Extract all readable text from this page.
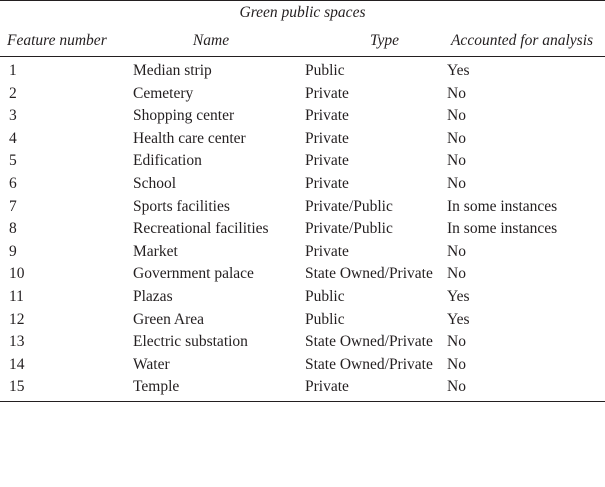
Green public spaces
Feature number	Name	Type	Accounted for analysis
1	Median strip	Public	Yes
2	Cemetery	Private	No
3	Shopping center	Private	No
4	Health care center	Private	No
5	Edification	Private	No
6	School	Private	No
7	Sports facilities	Private/Public	In some instances
8	Recreational facilities	Private/Public	In some instances
9	Market	Private	No
10	Government palace	State Owned/Private	No
11	Plazas	Public	Yes
12	Green Area	Public	Yes
13	Electric substation	State Owned/Private	No
14	Water	State Owned/Private	No
15	Temple	Private	No
